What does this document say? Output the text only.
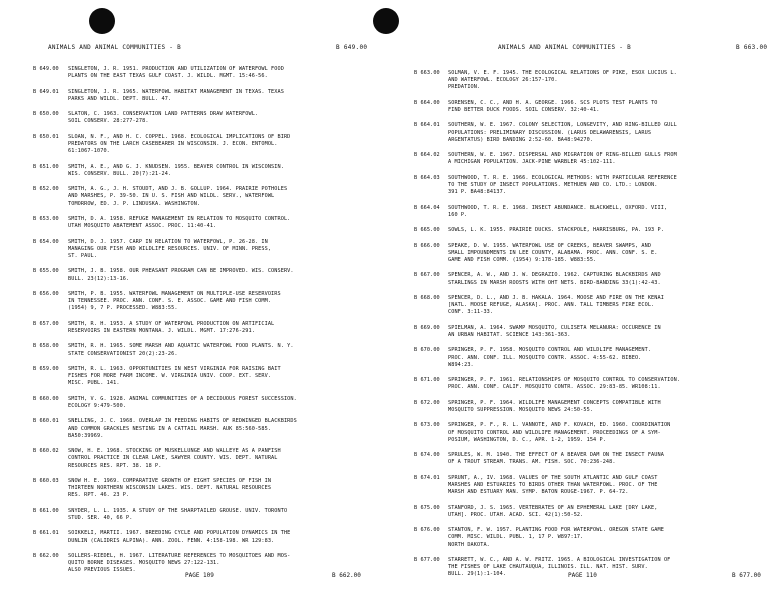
ANIMALS AND ANIMAL COMMUNITIES - B	B 649.00
B 649.00 SINGLETON, J. R. 1951. PRODUCTION AND UTILIZATION OF WATERFOWL FOOD
PLANTS ON THE EAST TEXAS GULF COAST. J. WILDL. MGMT. 15:46-56.
B 649.01 SINGLETON, J. R. 1965. WATERFOWL HABITAT MANAGEMENT IN TEXAS. TEXAS
PARKS AND WILDL. DEPT. BULL. 47.
B 650.00 SLATON, C. 1963. CONSERVATION LAND PATTERNS DRAW WATERFOWL.
SOIL CONSERV. 28:277-278.
B 650.01 SLOAN, N. F., AND H. C. COPPEL. 1968. ECOLOGICAL IMPLICATIONS OF BIRD
PREDATORS ON THE LARCH CASEBEARER IN WISCONSIN. J. ECON. ENTOMOL.
61:1067-1070.
B 651.00 SMITH, A. E., AND G. J. KNUDSEN. 1955. BEAVER CONTROL IN WISCONSIN.
WIS. CONSERV. BULL. 20(7):21-24.
B 652.00 SMITH, A. G., J. H. STOUDT, AND J. B. GOLLUP. 1964. PRAIRIE POTHOLES
AND MARSHES, P. 39-50. IN U. S. FISH AND WILDL. SERV., WATERFOWL
TOMORROW, ED. J. P. LINDUSKA. WASHINGTON.
B 653.00 SMITH, D. A. 1958. REFUGE MANAGEMENT IN RELATION TO MOSQUITO CONTROL.
UTAH MOSQUITO ABATEMENT ASSOC. PROC. 11:40-41.
B 654.00 SMITH, D. J. 1957. CARP IN RELATION TO WATERFOWL, P. 26-28. IN
MANAGING OUR FISH AND WILDLIFE RESOURCES. UNIV. OF MINN. PRESS,
ST. PAUL.
B 655.00 SMITH, J. B. 1958. OUR PHEASANT PROGRAM CAN BE IMPROVED. WIS. CONSERV.
BULL. 23(12):13-16.
B 656.00 SMITH, P. B. 1955. WATERFOWL MANAGEMENT ON MULTIPLE-USE RESERVOIRS
IN TENNESSEE. PROC. ANN. CONF. S. E. ASSOC. GAME AND FISH COMM.
(1954) 9, 7 P. PROCESSED. W883:55.
B 657.00 SMITH, R. H. 1953. A STUDY OF WATERFOWL PRODUCTION ON ARTIFICIAL
RESERVOIRS IN EASTERN MONTANA. J. WILDL. MGMT. 17:276-291.
B 658.00 SMITH, R. H. 1965. SOME MARSH AND AQUATIC WATERFOWL FOOD PLANTS. N. Y.
STATE CONSERVATIONIST 20(2):23-26.
B 659.00 SMITH, R. L. 1963. OPPORTUNITIES IN WEST VIRGINIA FOR RAISING BAIT
FISHES FOR MORE FARM INCOME. W. VIRGINIA UNIV. COOP. EXT. SERV.
MISC. PUBL. 141.
B 660.00 SMITH, V. G. 1928. ANIMAL COMMUNITIES OF A DECIDUOUS FOREST SUCCESSION.
ECOLOGY 9:479-500.
B 660.01 SNELLING, J. C. 1968. OVERLAP IN FEEDING HABITS OF REDWINGED BLACKBIRDS
AND COMMON GRACKLES NESTING IN A CATTAIL MARSH. AUK 85:560-585.
BA50:39969.
B 660.02 SNOW, H. E. 1968. STOCKING OF MUSKELLUNGE AND WALLEYE AS A PANFISH
CONTROL PRACTICE IN CLEAR LAKE, SAWYER COUNTY. WIS. DEPT. NATURAL
RESOURCES RES. RPT. 38. 18 P.
B 660.03 SNOW H. E. 1969. COMPARATIVE GROWTH OF EIGHT SPECIES OF FISH IN
THIRTEEN NORTHERN WISCONSIN LAKES. WIS. DEPT. NATURAL RESOURCES
RES. RPT. 46. 23 P.
B 661.00 SNYDER, L. L. 1935. A STUDY OF THE SHARPTAILED GROUSE. UNIV. TORONTO
STUD. SER. 40, 66 P.
B 661.01 SOIKKELI, MARTII. 1967. BREEDING CYCLE AND POPULATION DYNAMICS IN THE
DUNLIN (CALIDRIS ALPINA). ANN. ZOOL. FENN. 4:158-198. WR 129:83.
B 662.00 SOLLERS-RIEDEL, H. 1967. LITERATURE REFERENCES TO MOSQUITOES AND MOS-
QUITO BORNE DISEASES. MOSQUITO NEWS 27:122-131.
ALSO PREVIOUS ISSUES.
PAGE 109	B 662.00
ANIMALS AND ANIMAL COMMUNITIES - B	B 663.00
B 663.00 SOLMAN, V. E. F. 1945. THE ECOLOGICAL RELATIONS OF PIKE, ESOX LUCIUS L.
AND WATERFOWL. ECOLOGY 26:157-170.
PREDATION.
B 664.00 SORENSEN, C. C., AND H. A. GEORGE. 1966. SCS PLOTS TEST PLANTS TO
FIND BETTER DUCK FOODS. SOIL CONSERV. 32:40-41.
B 664.01 SOUTHERN, W. E. 1967. COLONY SELECTION, LONGEVITY, AND RING-BILLED GULL
POPULATIONS: PRELIMINARY DISCUSSION. (LARUS DELAWARENSIS, LARUS
ARGENTATUS) BIRD BANDING 2:52-60. BA48:94270.
B 664.02 SOUTHERN, W. E. 1967. DISPERSAL AND MIGRATION OF RING-BILLED GULLS FROM
A MICHIGAN POPULATION. JACK-PINE WARBLER 45:102-111.
B 664.03 SOUTHWOOD, T. R. E. 1966. ECOLOGICAL METHODS: WITH PARTICULAR REFERENCE
TO THE STUDY OF INSECT POPULATIONS. METHUEN AND CO. LTD.: LONDON.
391 P. BA48:84137.
B 664.04 SOUTHWOOD, T. R. E. 1968. INSECT ABUNDANCE. BLACKWELL, OXFORD. VIII,
160 P.
B 665.00 SOWLS, L. K. 1955. PRAIRIE DUCKS. STACKPOLE, HARRISBURG, PA. 193 P.
B 666.00 SPEAKE, D. W. 1955. WATERFOWL USE OF CREEKS, BEAVER SWAMPS, AND
SMALL IMPOUNDMENTS IN LEE COUNTY, ALABAMA. PROC. ANN. CONF. S. E.
GAME AND FISH COMM. (1954) 9:178-185. W883:55.
B 667.00 SPENCER, A. W., AND J. W. DEGRAZIO. 1962. CAPTURING BLACKBIRDS AND
STARLINGS IN MARSH ROOSTS WITH OHT NETS. BIRD-BANDING 33(1):42-43.
B 668.00 SPENCER, D. L., AND J. B. HAKALA. 1964. MOOSE AND FIRE ON THE KENAI
[NATL. MOOSE REFUGE, ALASKA]. PROC. ANN. TALL TIMBERS FIRE ECOL.
CONF. 3:11-33.
B 669.00 SPIELMAN, A. 1964. SWAMP MOSQUITO, CULISETA MELANURA: OCCURENCE IN
AN URBAN HABITAT. SCIENCE 143:361-363.
B 670.00 SPRINGER, P. F. 1958. MOSQUITO CONTROL AND WILDLIFE MANAGEMENT.
PROC. ANN. CONF. ILL. MOSQUITO CONTR. ASSOC. 4:55-62. BIBEO.
W894:23.
B 671.00 SPRINGER, P. F. 1961. RELATIONSHIPS OF MOSQUITO CONTROL TO CONSERVATION.
PROC. ANN. CONF. CALIF. MOSQUITO CONTR. ASSOC. 29:83-85. WR108:11.
B 672.00 SPRINGER, P. F. 1964. WILDLIFE MANAGEMENT CONCEPTS COMPATIBLE WITH
MOSQUITO SUPPRESSION. MOSQUITO NEWS 24:50-55.
B 673.00 SPRINGER, P. F., R. L. VANNOTE, AND F. KOVACH, ED. 1960. COORDINATION
OF MOSQUITO CONTROL AND WILDLIFE MANAGEMENT. PROCEEDINGS OF A SYM-
POSIUM, WASHINGTON, D. C., APR. 1-2, 1959. 154 P.
B 674.00 SPRULES, W. M. 1940. THE EFFECT OF A BEAVER DAM ON THE INSECT FAUNA
OF A TROUT STREAM. TRANS. AM. FISH. SOC. 70:236-248.
B 674.01 SPRUNT, A., IV. 1968. VALUES OF THE SOUTH ATLANTIC AND GULF COAST
MARSHES AND ESTUARIES TO BIRDS OTHER THAN WATERFOWL. PROC. OF THE
MARSH AND ESTUARY MAN. SYMP. BATON ROUGE-1967. P. 64-72.
B 675.00 STANFORD, J. S. 1965. VERTEBRATES OF AN EPHEMERAL LAKE [DRY LAKE,
UTAH]. PROC. UTAH. ACAD. SCI. 42(1):50-52.
B 676.00 STANTON, F. W. 1957. PLANTING FOOD FOR WATERFOWL. OREGON STATE GAME
COMM. MISC. WILDL. PUBL. 1, 17 P. W897:17.
NORTH DAKOTA.
B 677.00 STARRETT, W. C., AND A. W. FRITZ. 1965. A BIOLOGICAL INVESTIGATION OF
THE FISHES OF LAKE CHAUTAUQUA, ILLINOIS. ILL. NAT. HIST. SURV.
BULL. 29(1):1-104.	PAGE 110	B 677.00
